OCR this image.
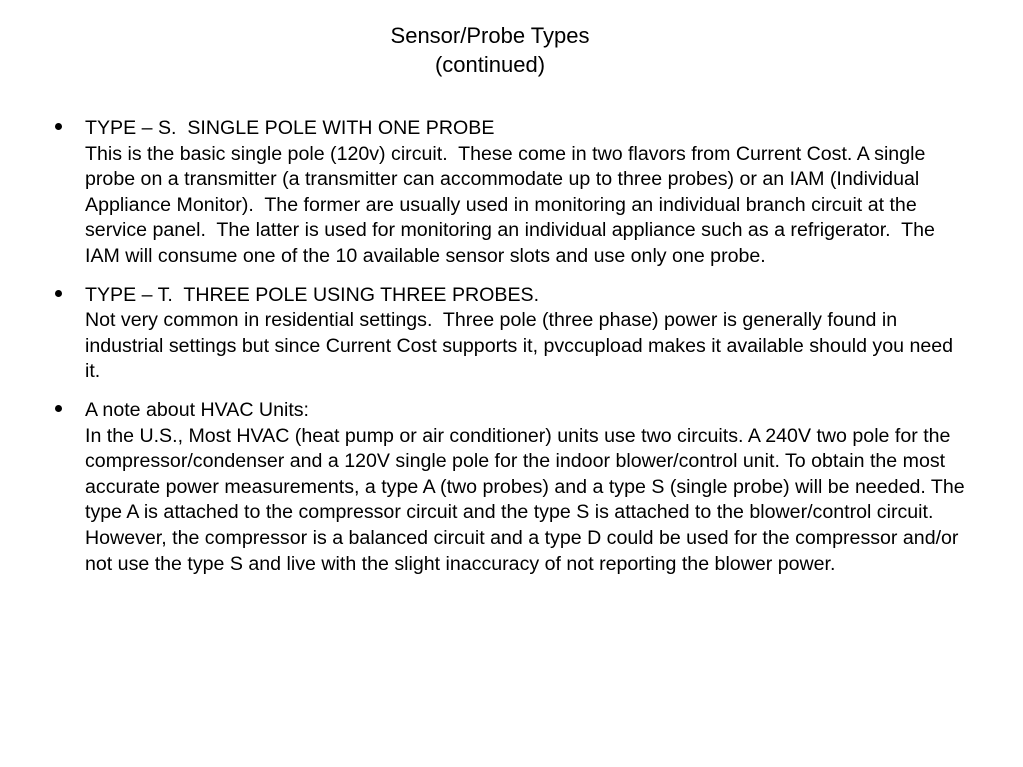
Sensor/Probe Types
(continued)
TYPE – S.  SINGLE POLE WITH ONE PROBE
This is the basic single pole (120v) circuit.  These come in two flavors from Current Cost. A single probe on a transmitter (a transmitter can accommodate up to three probes) or an IAM (Individual Appliance Monitor).  The former are usually used in monitoring an individual branch circuit at the service panel.  The latter is used for monitoring an individual appliance such as a refrigerator.  The IAM will consume one of the 10 available sensor slots and use only one probe.
TYPE – T.  THREE POLE USING THREE PROBES.
Not very common in residential settings.  Three pole (three phase) power is generally found in industrial settings but since Current Cost supports it, pvccupload makes it available should you need it.
A note about HVAC Units:
In the U.S., Most HVAC (heat pump or air conditioner) units use two circuits. A 240V two pole for the compressor/condenser and a 120V single pole for the indoor blower/control unit. To obtain the most accurate power measurements, a type A (two probes) and a type S (single probe) will be needed. The type A is attached to the compressor circuit and the type S is attached to the blower/control circuit. However, the compressor is a balanced circuit and a type D could be used for the compressor and/or not use the type S and live with the slight inaccuracy of not reporting the blower power.
